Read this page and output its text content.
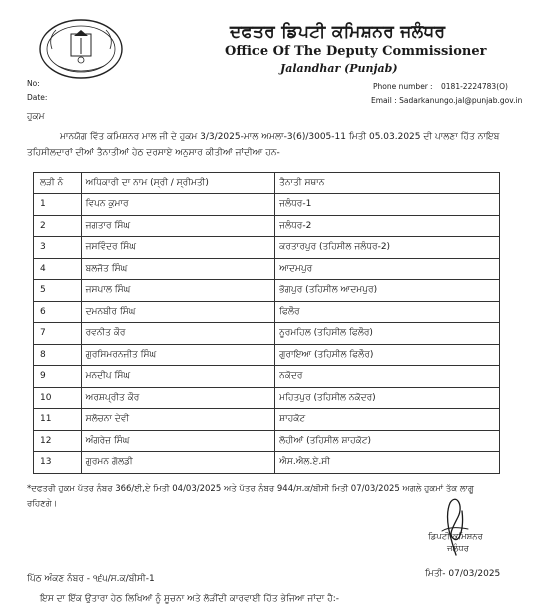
ਦਫਤਰ ਡਿਪਟੀ ਕਮਿਸ਼ਨਰ ਜਲੰਧਰ
Office Of The Deputy Commissioner
Jalandhar (Punjab)
No:
Date:
Phone number : 0181-2224783(O)
Email : Sadarkanungo.jal@punjab.gov.in
ਹੁਕਮ
ਮਾਨਯੋਗ ਵਿੱਤ ਕਮਿਸ਼ਨਰ ਮਾਲ ਜੀ ਦੇ ਹੁਕਮ 3/3/2025-ਮਾਲ ਅਮਲਾ-3(6)/3005-11 ਮਿਤੀ 05.03.2025 ਦੀ ਪਾਲਣਾ ਹਿੱਤ ਨਾਇਬ
ਤਹਿਸੀਲਦਾਰਾਂ ਦੀਆਂ ਤੈਨਾਤੀਆਂ ਹੇਠ ਦਰਸਾਏ ਅਨੁਸਾਰ ਕੀਤੀਆਂ ਜਾਂਦੀਆ ਹਨ-
ਲੜੀ ਨੰ	ਅਧਿਕਾਰੀ ਦਾ ਨਾਮ (ਸ੍ਰੀ / ਸ੍ਰੀਮਤੀ)	ਤੈਨਾਤੀ ਸਥਾਨ
1	ਵਿਪਨ ਕੁਮਾਰ	ਜਲੰਧਰ-1
2	ਜਗਤਾਰ ਸਿੰਘ	ਜਲੰਧਰ-2
3	ਜਸਵਿੰਦਰ ਸਿੰਘ	ਕਰਤਾਰਪੁਰ (ਤਹਿਸੀਲ ਜਲੰਧਰ-2)
4	ਬਲਜੋਤ ਸਿੰਘ	ਆਦਮਪੁਰ
5	ਜਸਪਾਲ ਸਿੰਘ	ਭੋਗਪੁਰ (ਤਹਿਸੀਲ ਆਦਮਪੁਰ)
6	ਦਮਨਬੀਰ ਸਿੰਘ	ਫਿਲੌਰ
7	ਰਵਨੀਤ ਕੌਰ	ਨੂਰਮਹਿਲ (ਤਹਿਸੀਲ ਫਿਲੌਰ)
8	ਗੁਰਸਿਮਰਨਜੀਤ ਸਿੰਘ	ਗੁਰਾਇਆ (ਤਹਿਸੀਲ ਫਿਲੌਰ)
9	ਮਨਦੀਪ ਸਿੰਘ	ਨਕੋਦਰ
10	ਅਰਸ਼ਪ੍ਰੀਤ ਕੌਰ	ਮਹਿਤਪੁਰ (ਤਹਿਸੀਲ ਨਕੋਦਰ)
11	ਸਲੋਚਨਾ ਦੇਵੀ	ਸ਼ਾਹਕੋਟ
12	ਅੰਗਰੇਜ਼ ਸਿੰਘ	ਲੋਹੀਆਂ (ਤਹਿਸੀਲ ਸ਼ਾਹਕੋਟ)
13	ਗੁਰਮਨ ਗੋਲਡੀ	ਐਸ.ਐਲ.ਏ.ਸੀ
*ਦਫਤਰੀ ਹੁਕਮ ਪੱਤਰ ਨੰਬਰ 366/ਈ,ਏ ਮਿਤੀ 04/03/2025 ਅਤੇ ਪੱਤਰ ਨੰਬਰ 944/ਸ.ਕ/ਬੀਸੀ ਮਿਤੀ 07/03/2025 ਅਗਲੇ ਹੁਕਮਾਂ ਤੱਕ ਲਾਗੂ
ਰਹਿਣਗੇ।
ਡਿਪਟੀ ਕਮਿਸ਼ਨਰ
ਜਲੰਧਰ
ਮਿਤੀ- 07/03/2025
ਪਿੱਠ ਅੰਕਣ ਨੰਬਰ - ੧੬੫/ਸ.ਕ/ਬੀਸੀ-1
ਇਸ ਦਾ ਇੱਕ ਉਤਾਰਾ ਹੇਠ ਲਿਖਿਆਂ ਨੂੰ ਸੂਚਨਾ ਅਤੇ ਲੋੜੀਂਦੀ ਕਾਰਵਾਈ ਹਿੱਤ ਭੇਜਿਆ ਜਾਂਦਾ ਹੈ:-
